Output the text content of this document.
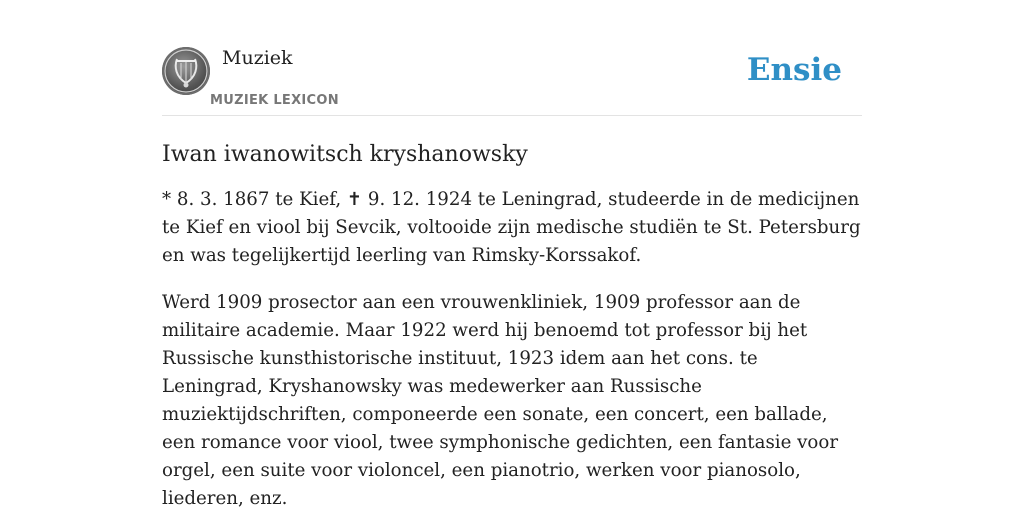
Muziek
MUZIEK LEXICON
Ensie
Iwan iwanowitsch kryshanowsky

* 8. 3. 1867 te Kief, ✝ 9. 12. 1924 te Leningrad, studeerde in de medicijnen te Kief en viool bij Sevcik, voltooide zijn medische studiën te St. Petersburg en was tegelijkertijd leerling van Rimsky-Korssakof.

Werd 1909 prosector aan een vrouwenkliniek, 1909 professor aan de militaire academie. Maar 1922 werd hij benoemd tot professor bij het Russische kunsthistorische instituut, 1923 idem aan het cons. te Leningrad, Kryshanowsky was medewerker aan Russische muziektijdschriften, componeerde een sonate, een concert, een ballade, een romance voor viool, twee symphonische gedichten, een fantasie voor orgel, een suite voor violoncel, een pianotrio, werken voor pianosolo, liederen, enz.
